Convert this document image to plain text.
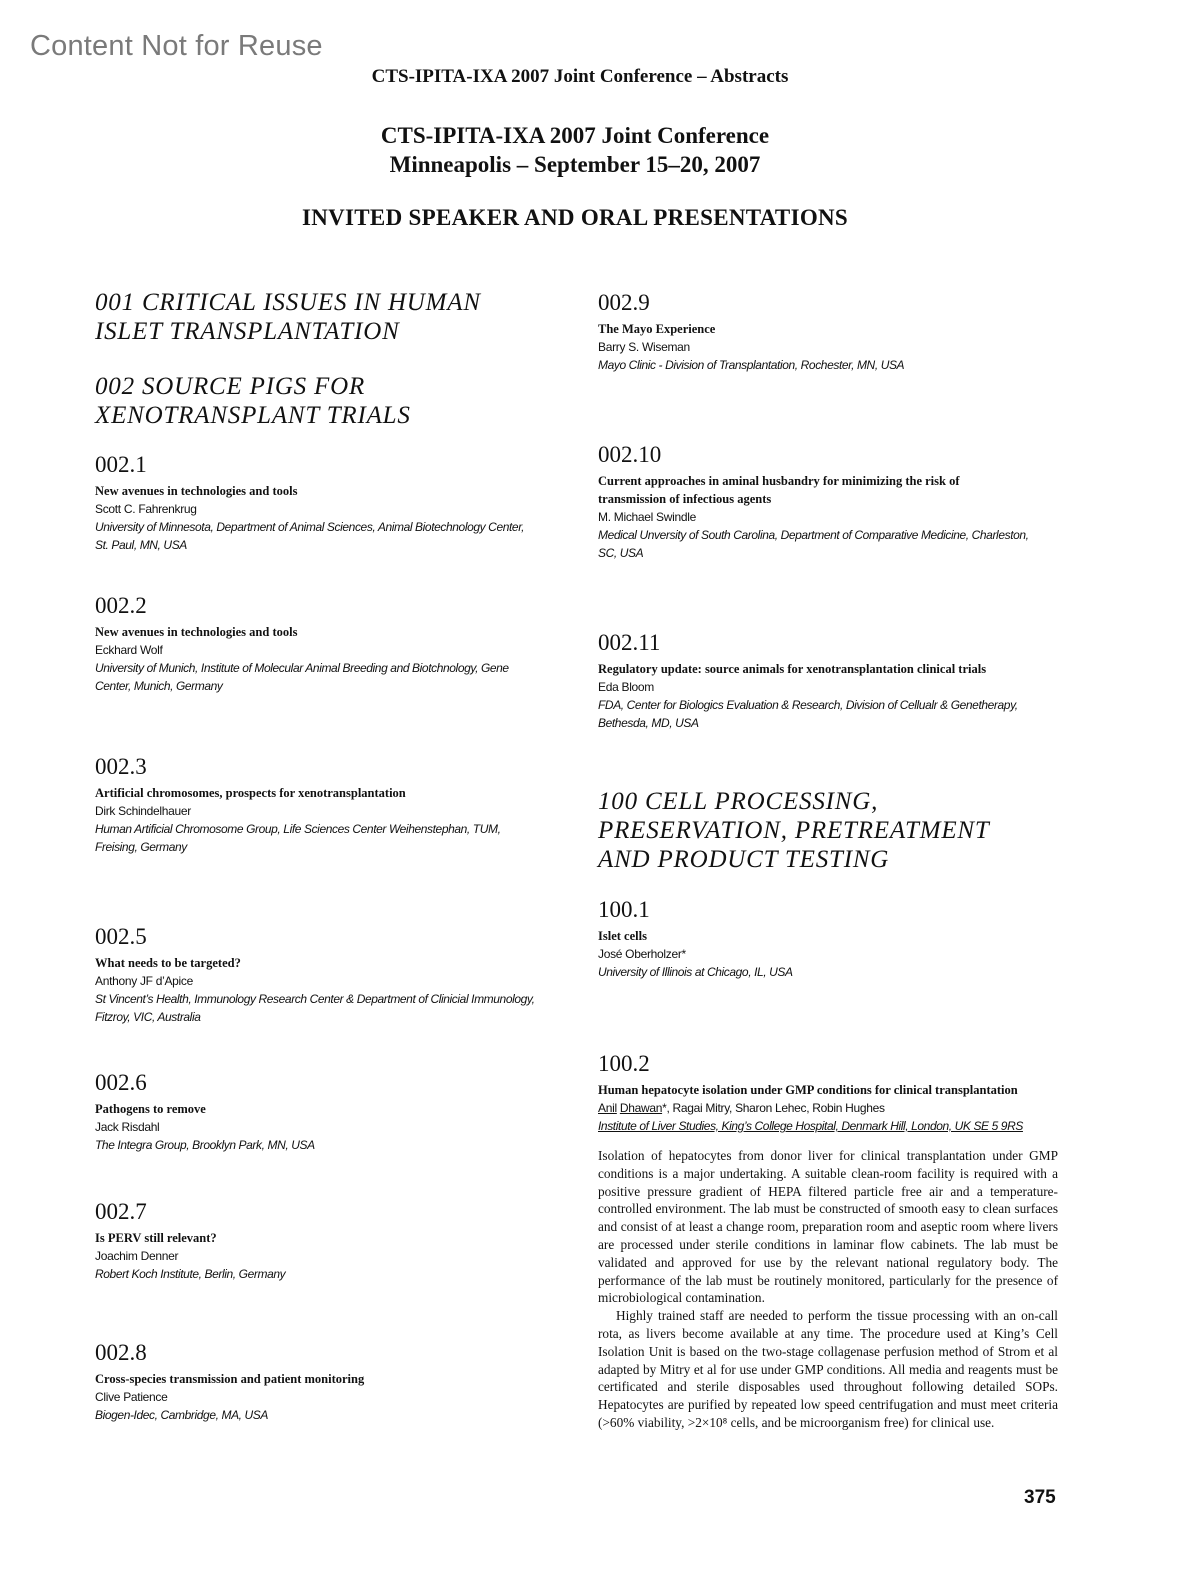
Content Not for Reuse
CTS-IPITA-IXA 2007 Joint Conference – Abstracts
CTS-IPITA-IXA 2007 Joint Conference
Minneapolis – September 15–20, 2007
INVITED SPEAKER AND ORAL PRESENTATIONS
001 CRITICAL ISSUES IN HUMAN
ISLET TRANSPLANTATION
002 SOURCE PIGS FOR
XENOTRANSPLANT TRIALS
002.1
New avenues in technologies and tools
Scott C. Fahrenkrug
University of Minnesota, Department of Animal Sciences, Animal Biotechnology Center,
St. Paul, MN, USA
002.2
New avenues in technologies and tools
Eckhard Wolf
University of Munich, Institute of Molecular Animal Breeding and Biotchnology, Gene
Center, Munich, Germany
002.3
Artificial chromosomes, prospects for xenotransplantation
Dirk Schindelhauer
Human Artificial Chromosome Group, Life Sciences Center Weihenstephan, TUM,
Freising, Germany
002.5
What needs to be targeted?
Anthony JF d’Apice
St Vincent’s Health, Immunology Research Center & Department of Clinicial Immunology,
Fitzroy, VIC, Australia
002.6
Pathogens to remove
Jack Risdahl
The Integra Group, Brooklyn Park, MN, USA
002.7
Is PERV still relevant?
Joachim Denner
Robert Koch Institute, Berlin, Germany
002.8
Cross-species transmission and patient monitoring
Clive Patience
Biogen-Idec, Cambridge, MA, USA
002.9
The Mayo Experience
Barry S. Wiseman
Mayo Clinic - Division of Transplantation, Rochester, MN, USA
002.10
Current approaches in aminal husbandry for minimizing the risk of
transmission of infectious agents
M. Michael Swindle
Medical Unversity of South Carolina, Department of Comparative Medicine, Charleston,
SC, USA
002.11
Regulatory update: source animals for xenotransplantation clinical trials
Eda Bloom
FDA, Center for Biologics Evaluation & Research, Division of Cellualr & Genetherapy,
Bethesda, MD, USA
100 CELL PROCESSING,
PRESERVATION, PRETREATMENT
AND PRODUCT TESTING
100.1
Islet cells
José Oberholzer*
University of Illinois at Chicago, IL, USA
100.2
Human hepatocyte isolation under GMP conditions for clinical transplantation
Anil Dhawan*, Ragai Mitry, Sharon Lehec, Robin Hughes
Institute of Liver Studies, King’s College Hospital, Denmark Hill, London, UK SE 5 9RS

Isolation of hepatocytes from donor liver for clinical transplantation under GMP conditions is a major undertaking. A suitable clean-room facility is required with a positive pressure gradient of HEPA filtered particle free air and a temperature-controlled environment. The lab must be constructed of smooth easy to clean surfaces and consist of at least a change room, preparation room and aseptic room where livers are processed under sterile conditions in laminar flow cabinets. The lab must be validated and approved for use by the relevant national regulatory body. The performance of the lab must be routinely monitored, particularly for the presence of microbiological contamination.

Highly trained staff are needed to perform the tissue processing with an on-call rota, as livers become available at any time. The procedure used at King’s Cell Isolation Unit is based on the two-stage collagenase perfusion method of Strom et al adapted by Mitry et al for use under GMP conditions. All media and reagents must be certificated and sterile disposables used throughout following detailed SOPs. Hepatocytes are purified by repeated low speed centrifugation and must meet criteria (>60% viability, >2×10⁸ cells, and be microorganism free) for clinical use.

375
